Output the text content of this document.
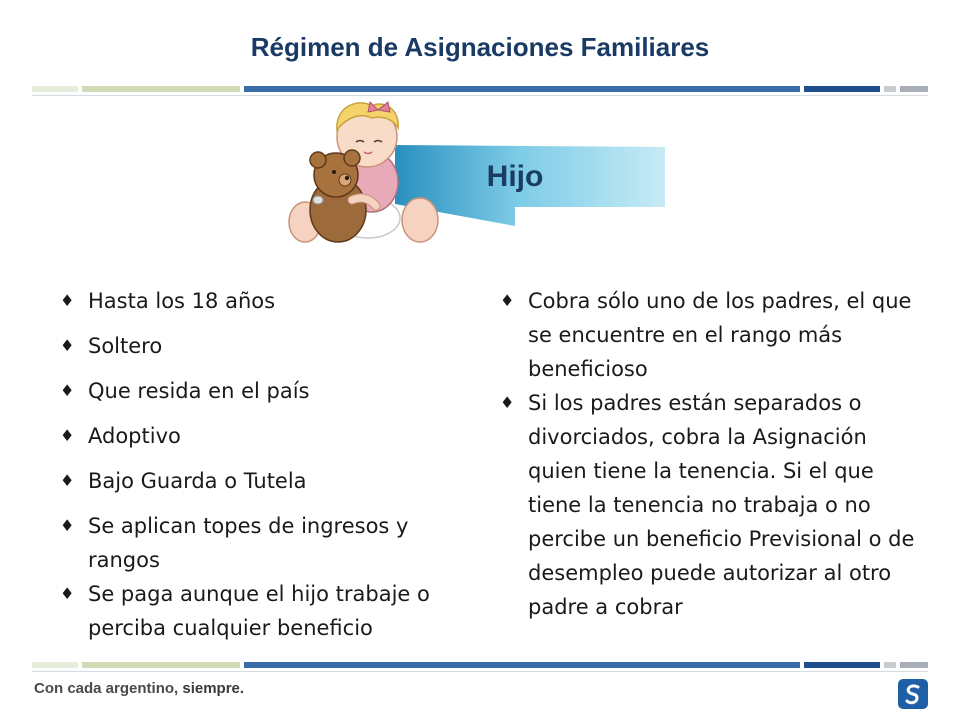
Régimen de Asignaciones Familiares
Hijo
♦ Hasta los 18 años
♦ Soltero
♦ Que resida en el país
♦ Adoptivo
♦ Bajo Guarda o Tutela
♦ Se aplican topes de ingresos y rangos
♦ Se paga aunque el hijo trabaje o perciba cualquier beneficio
♦ Cobra sólo uno de los padres, el que se encuentre en el rango más beneficioso
♦ Si los padres están separados o divorciados, cobra la Asignación quien tiene la tenencia. Si el que tiene la tenencia no trabaja o no percibe un beneficio Previsional o de desempleo puede autorizar al otro padre a cobrar
Con cada argentino, siempre.
